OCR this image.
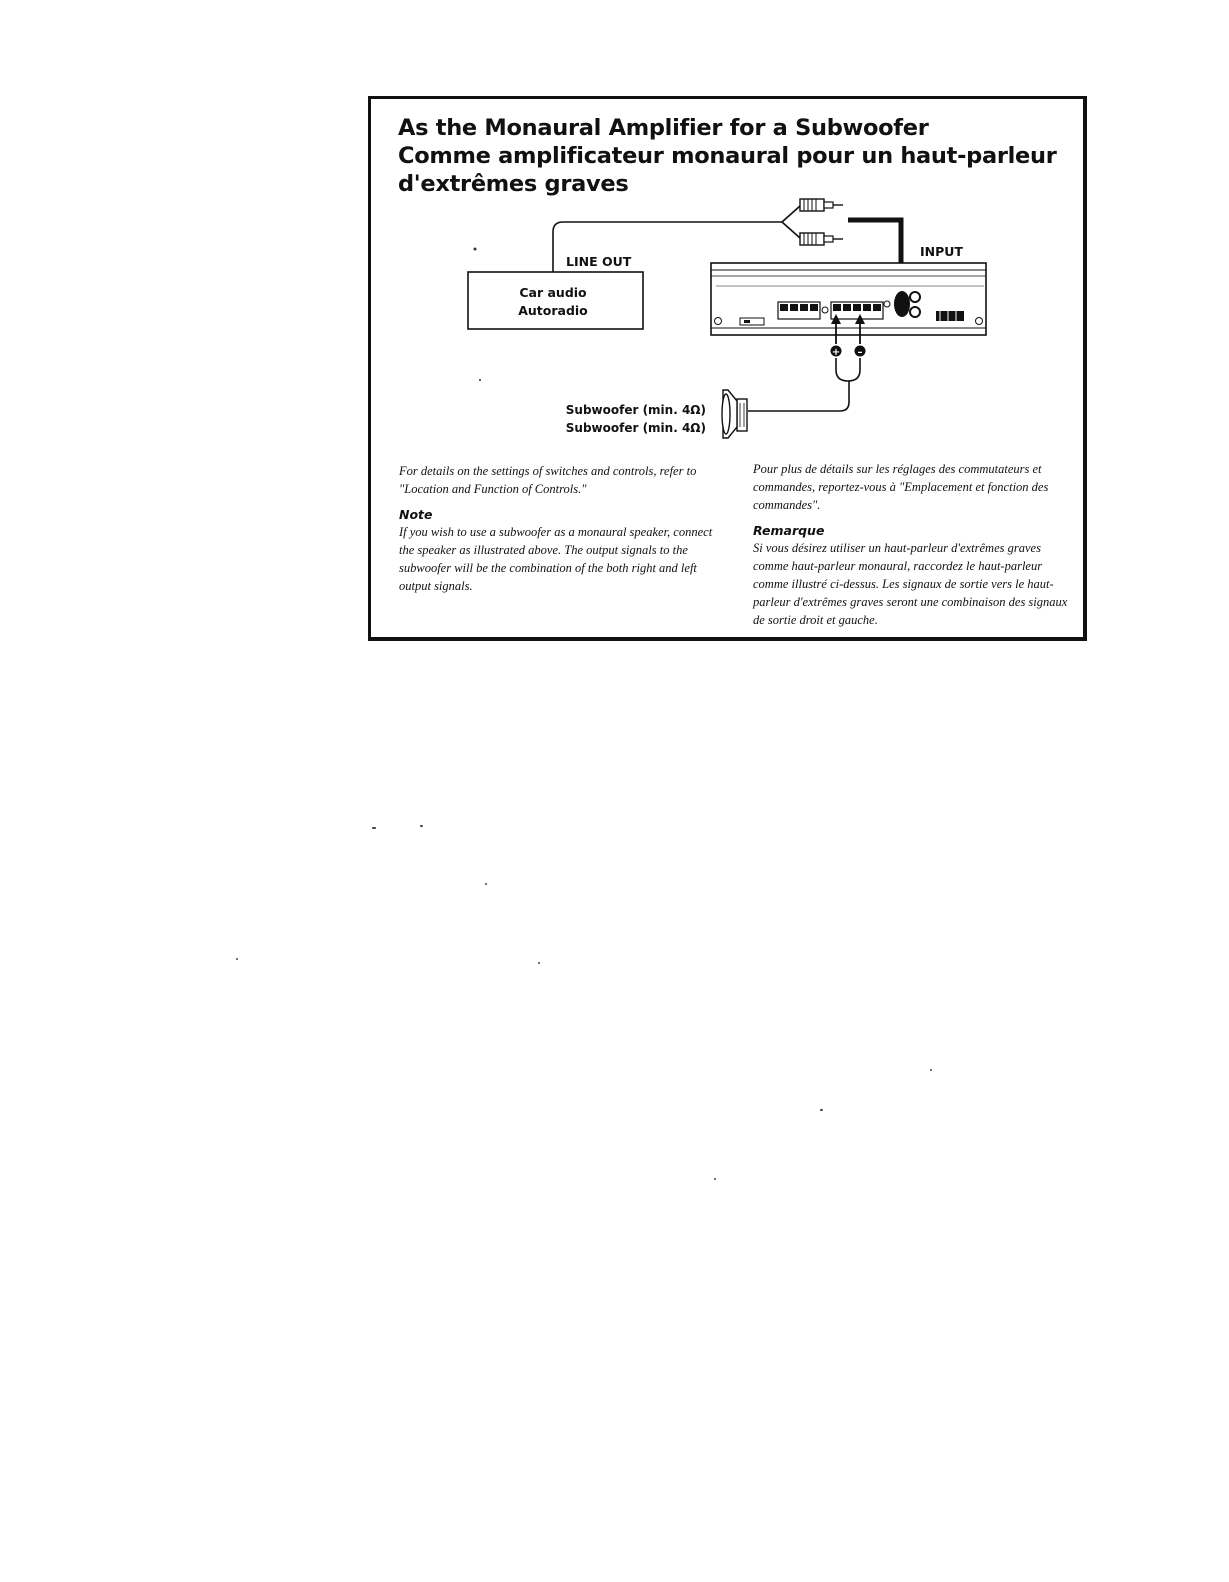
As the Monaural Amplifier for a Subwoofer
Comme amplificateur monaural pour un haut-parleur
d'extrêmes graves
LINE OUT
Car audio
Autoradio
INPUT
+ –
Subwoofer (min. 4Ω)
Subwoofer (min. 4Ω)

For details on the settings of switches and controls, refer to "Location and Function of Controls."

Note

If you wish to use a subwoofer as a monaural speaker, connect the speaker as illustrated above. The output signals to the subwoofer will be the combination of the both right and left output signals.

Pour plus de détails sur les réglages des commutateurs et commandes, reportez-vous à "Emplacement et fonction des commandes".

Remarque

Si vous désirez utiliser un haut-parleur d'extrêmes graves comme haut-parleur monaural, raccordez le haut-parleur comme illustré ci-dessus. Les signaux de sortie vers le haut-parleur d'extrêmes graves seront une combinaison des signaux de sortie droit et gauche.
